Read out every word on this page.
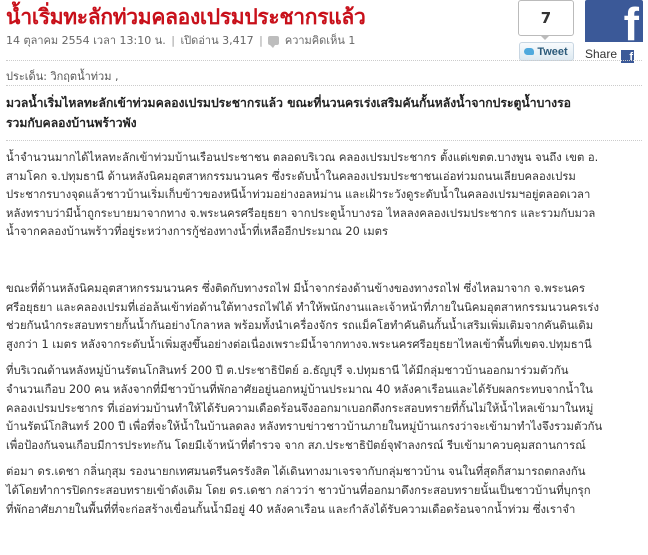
น้ำเริ่มทะลักท่วมคลองเปรมประชากรแล้ว
14 ตุลาคม 2554 เวลา 13:10 น. | เปิดอ่าน 3,417 | ความคิดเห็น 1
7
Tweet
f
Share f
ประเด็น: วิกฤตน้ำท่วม ,

มวลน้ำเริ่มไหลทะลักเข้าท่วมคลองเปรมประชากรแล้ว ขณะที่นวนครเร่งเสริมคันกั้นหลังน้ำจากประตูน้ำบางรอ
รวมกับคลองบ้านพร้าวพัง

น้ำจำนวนมากได้ไหลทะลักเข้าท่วมบ้านเรือนประชาชน ตลอดบริเวณ คลองเปรมประชากร ตั้งแต่เขตต.บางพูน จนถึง เขต อ.
สามโคก จ.ปทุมธานี ด้านหลังนิคมอุตสาหกรรมนวนคร ซึ่งระดับน้ำในคลองเปรมประชาชนเอ่อท่วมถนนเลียบคลองเปรม
ประชากรบางจุดแล้วชาวบ้านเริ่มเก็บข้าวของหนีน้ำท่วมอย่างอลหม่าน และเฝ้าระวังดูระดับน้ำในคลองเปรมฯอยู่ตลอดเวลา
หลังทราบว่ามีน้ำถูกระบายมาจากทาง จ.พระนครศรีอยุธยา จากประตูน้ำบางรอ ไหลลงคลองเปรมประชากร และรวมกับมวล
น้ำจากคลองบ้านพร้าวที่อยู่ระหว่างการกู้ช่องทางน้ำที่เหลืออีกประมาณ 20 เมตร

ขณะที่ด้านหลังนิคมอุตสาหกรรมนวนคร ซึ่งติดกับทางรถไฟ มีน้ำจากร่องด้านข้างของทางรถไฟ ซึ่งไหลมาจาก จ.พระนคร
ศรีอยุธยา และคลองเปรมที่เอ่อล้นเข้าท่อด้านใต้ทางรถไฟได้ ทำให้พนักงานและเจ้าหน้าที่ภายในนิคมอุตสาหกรรมนวนครเร่ง
ช่วยกันนำกระสอบทรายกั้นน้ำกันอย่างโกลาหล พร้อมทั้งนำเครื่องจักร รถแม็คโฮทำคันดินกั้นน้ำเสริมเพิ่มเติมจากคันดินเดิม
สูงกว่า 1 เมตร หลังจากระดับน้ำเพิ่มสูงขึ้นอย่างต่อเนื่องเพราะมีน้ำจากทางจ.พระนครศรีอยุธยาไหลเข้าพื้นที่เขตจ.ปทุมธานี

ที่บริเวณด้านหลังหมู่บ้านรัตนโกสินทร์ 200 ปี ต.ประชาธิปัตย์ อ.ธัญบุรี จ.ปทุมธานี ได้มีกลุ่มชาวบ้านออกมาร่วมตัวกัน
จำนวนเกือบ 200 คน หลังจากที่มีชาวบ้านที่พักอาศัยอยู่นอกหมู่บ้านประมาณ 40 หลังคาเรือนและได้รับผลกระทบจากน้ำใน
คลองเปรมประชากร ที่เอ่อท่วมบ้านทำให้ได้รับความเดือดร้อนจึงออกมาเบอกดึงกระสอบทรายที่กั้นไม่ให้น้ำไหลเข้ามาในหมู่
บ้านรัตน์โกสินทร์ 200 ปี เพื่อที่จะให้น้ำในบ้านลดลง หลังทราบข่าวชาวบ้านภายในหมู่บ้านเกรงว่าจะเข้ามาทำไงจึงรวมตัวกัน
เพื่อป้องกันจนเกือบมีการประทะกัน โดยมีเจ้าหน้าที่ตำรวจ จาก สภ.ประชาธิปัตย์จุฬาลงกรณ์ รีบเข้ามาควบคุมสถานการณ์

ต่อมา ดร.เดชา กลิ่นกุสุม รองนายกเทศมนตรีนครรังสิต ได้เดินทางมาเจรจากับกลุ่มชาวบ้าน จนในที่สุดก็สามารถตกลงกัน
ได้โดยทำการปิดกระสอบทรายเข้าดังเดิม โดย ดร.เดชา กล่าวว่า ชาวบ้านที่ออกมาดึงกระสอบทรายนั้นเป็นชาวบ้านที่บุกรุก
ที่พักอาศัยภายในพื้นที่ที่จะก่อสร้างเขื่อนกั้นน้ำมีอยู่ 40 หลังคาเรือน และกำลังได้รับความเดือดร้อนจากน้ำท่วม ซึ่งเราจำ
